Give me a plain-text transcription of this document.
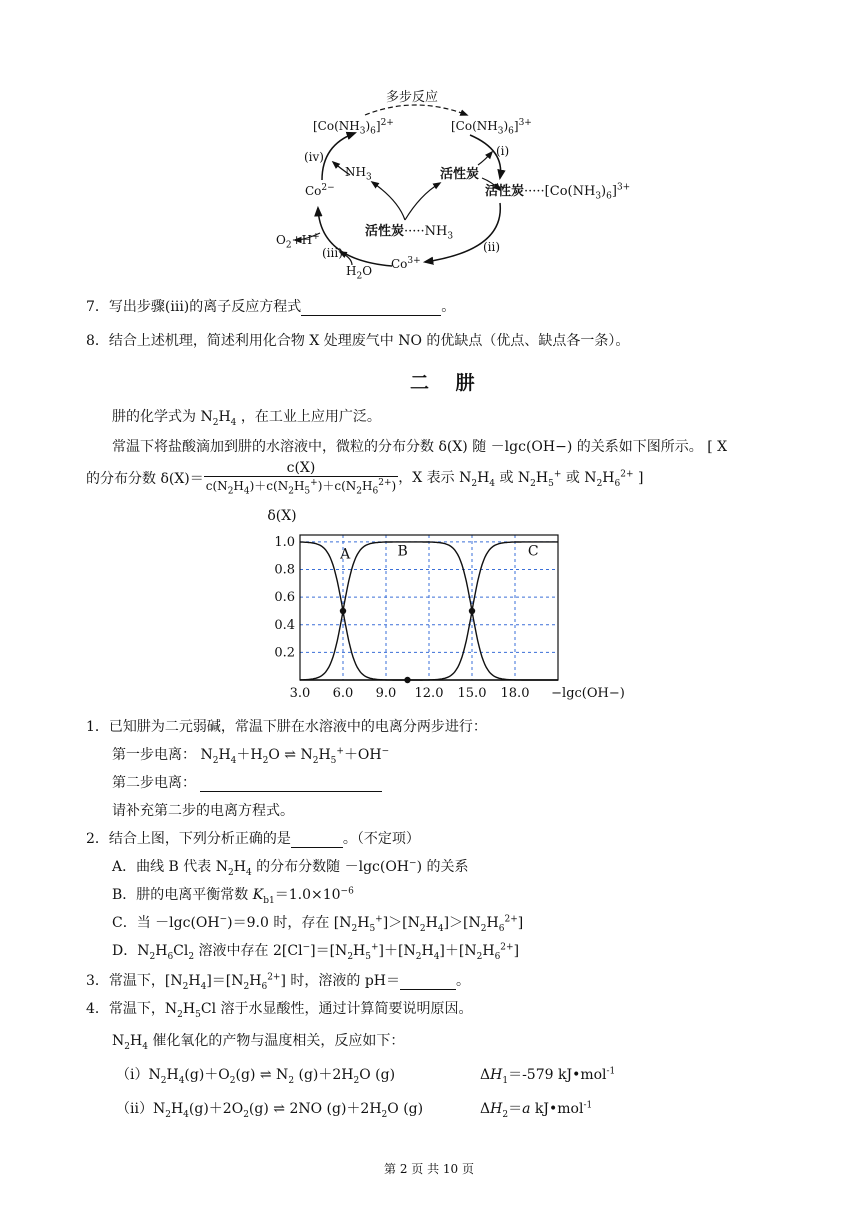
多步反应
$[Co(NH_3)_6]^{2+}$	$[Co(NH_3)_6]^{3+}$
(i)
(iv)
$NH_3$	活性炭
活性炭$\cdot\cdot\cdot\cdot\cdot[Co(NH_3)_6]^{3+}$
$Co^{2-}$
活性炭$\cdot\cdot\cdot\cdot\cdot NH_3$
$O_2+H^+$
(ii)
(iii)
$H_2O$ $Co^{3+}$
7．写出步骤(iii)的离子反应方程式	。
8．结合上述机理，简述利用化合物 X 处理废气中 NO 的优缺点（优点、缺点各一条）。
二 肼
肼的化学式为 $N_2H_4$ ，在工业上应用广泛。
常温下将盐酸滴加到肼的水溶液中，微粒的分布分数 δ(X) 随 －lgc(OH−) 的关系如下图所示。 [ X
的分布分数 $\delta(X)= \frac{c(X)}{c(N_2H_4)+c(N_2H_5^+)+c(N_2H_6^{2+})}$ ，X 表示 $N_2H_4$ 或 $N_2H_5^+$ 或 $N_2H_6^{2+}$ ]
A	B	C
3.0 6.0 9.0 12.0 15.0 18.0 −lgc(OH−)
1.0
0.8
0.6
0.4
0.2
δ(X)
1．已知肼为二元弱碱，常温下肼在水溶液中的电离分两步进行：
第一步电离： $N_2H_4+H_2O$ ⇌ $N_2H_5^++OH^-$
第二步电离：
请补充第二步的电离方程式。
2．结合上图，下列分析正确的是	。（不定项）
A．曲线 B 代表 $N_2H_4$ 的分布分数随 －lgc(OH−) 的关系
B．肼的电离平衡常数 $K_{b1}=1.0\times 10^{-6}$
C．当 －lgc(OH−)＝9.0 时，存在 $[N_2H_5^+]>[N_2H_4]>[N_2H_6^{2+}]$
D．$N_2H_6Cl_2$ 溶液中存在 $2[Cl^-]=[N_2H_5^+]+[N_2H_4]+[N_2H_6^{2+}]$
3．常温下，$[N_2H_4]=[N_2H_6^{2+}]$ 时，溶液的 pH＝	。
4．常温下，$N_2H_5Cl$ 溶于水显酸性，通过计算简要说明原因。
$N_2H_4$ 催化氧化的产物与温度相关，反应如下：
$(i)N_2H_4(g)+O_2(g)$ ⇌ $N_2$ $(g)+2H_2O$ (g)	$\Delta H_1=-579$ kJ•mol$^{-1}$
$(ii)N_2H_4(g)+2O_2(g)$ ⇌ 2NO $(g)+2H_2O$ (g)	$\Delta H_2=a$ kJ•mol$^{-1}$
第 2 页 共 10 页
